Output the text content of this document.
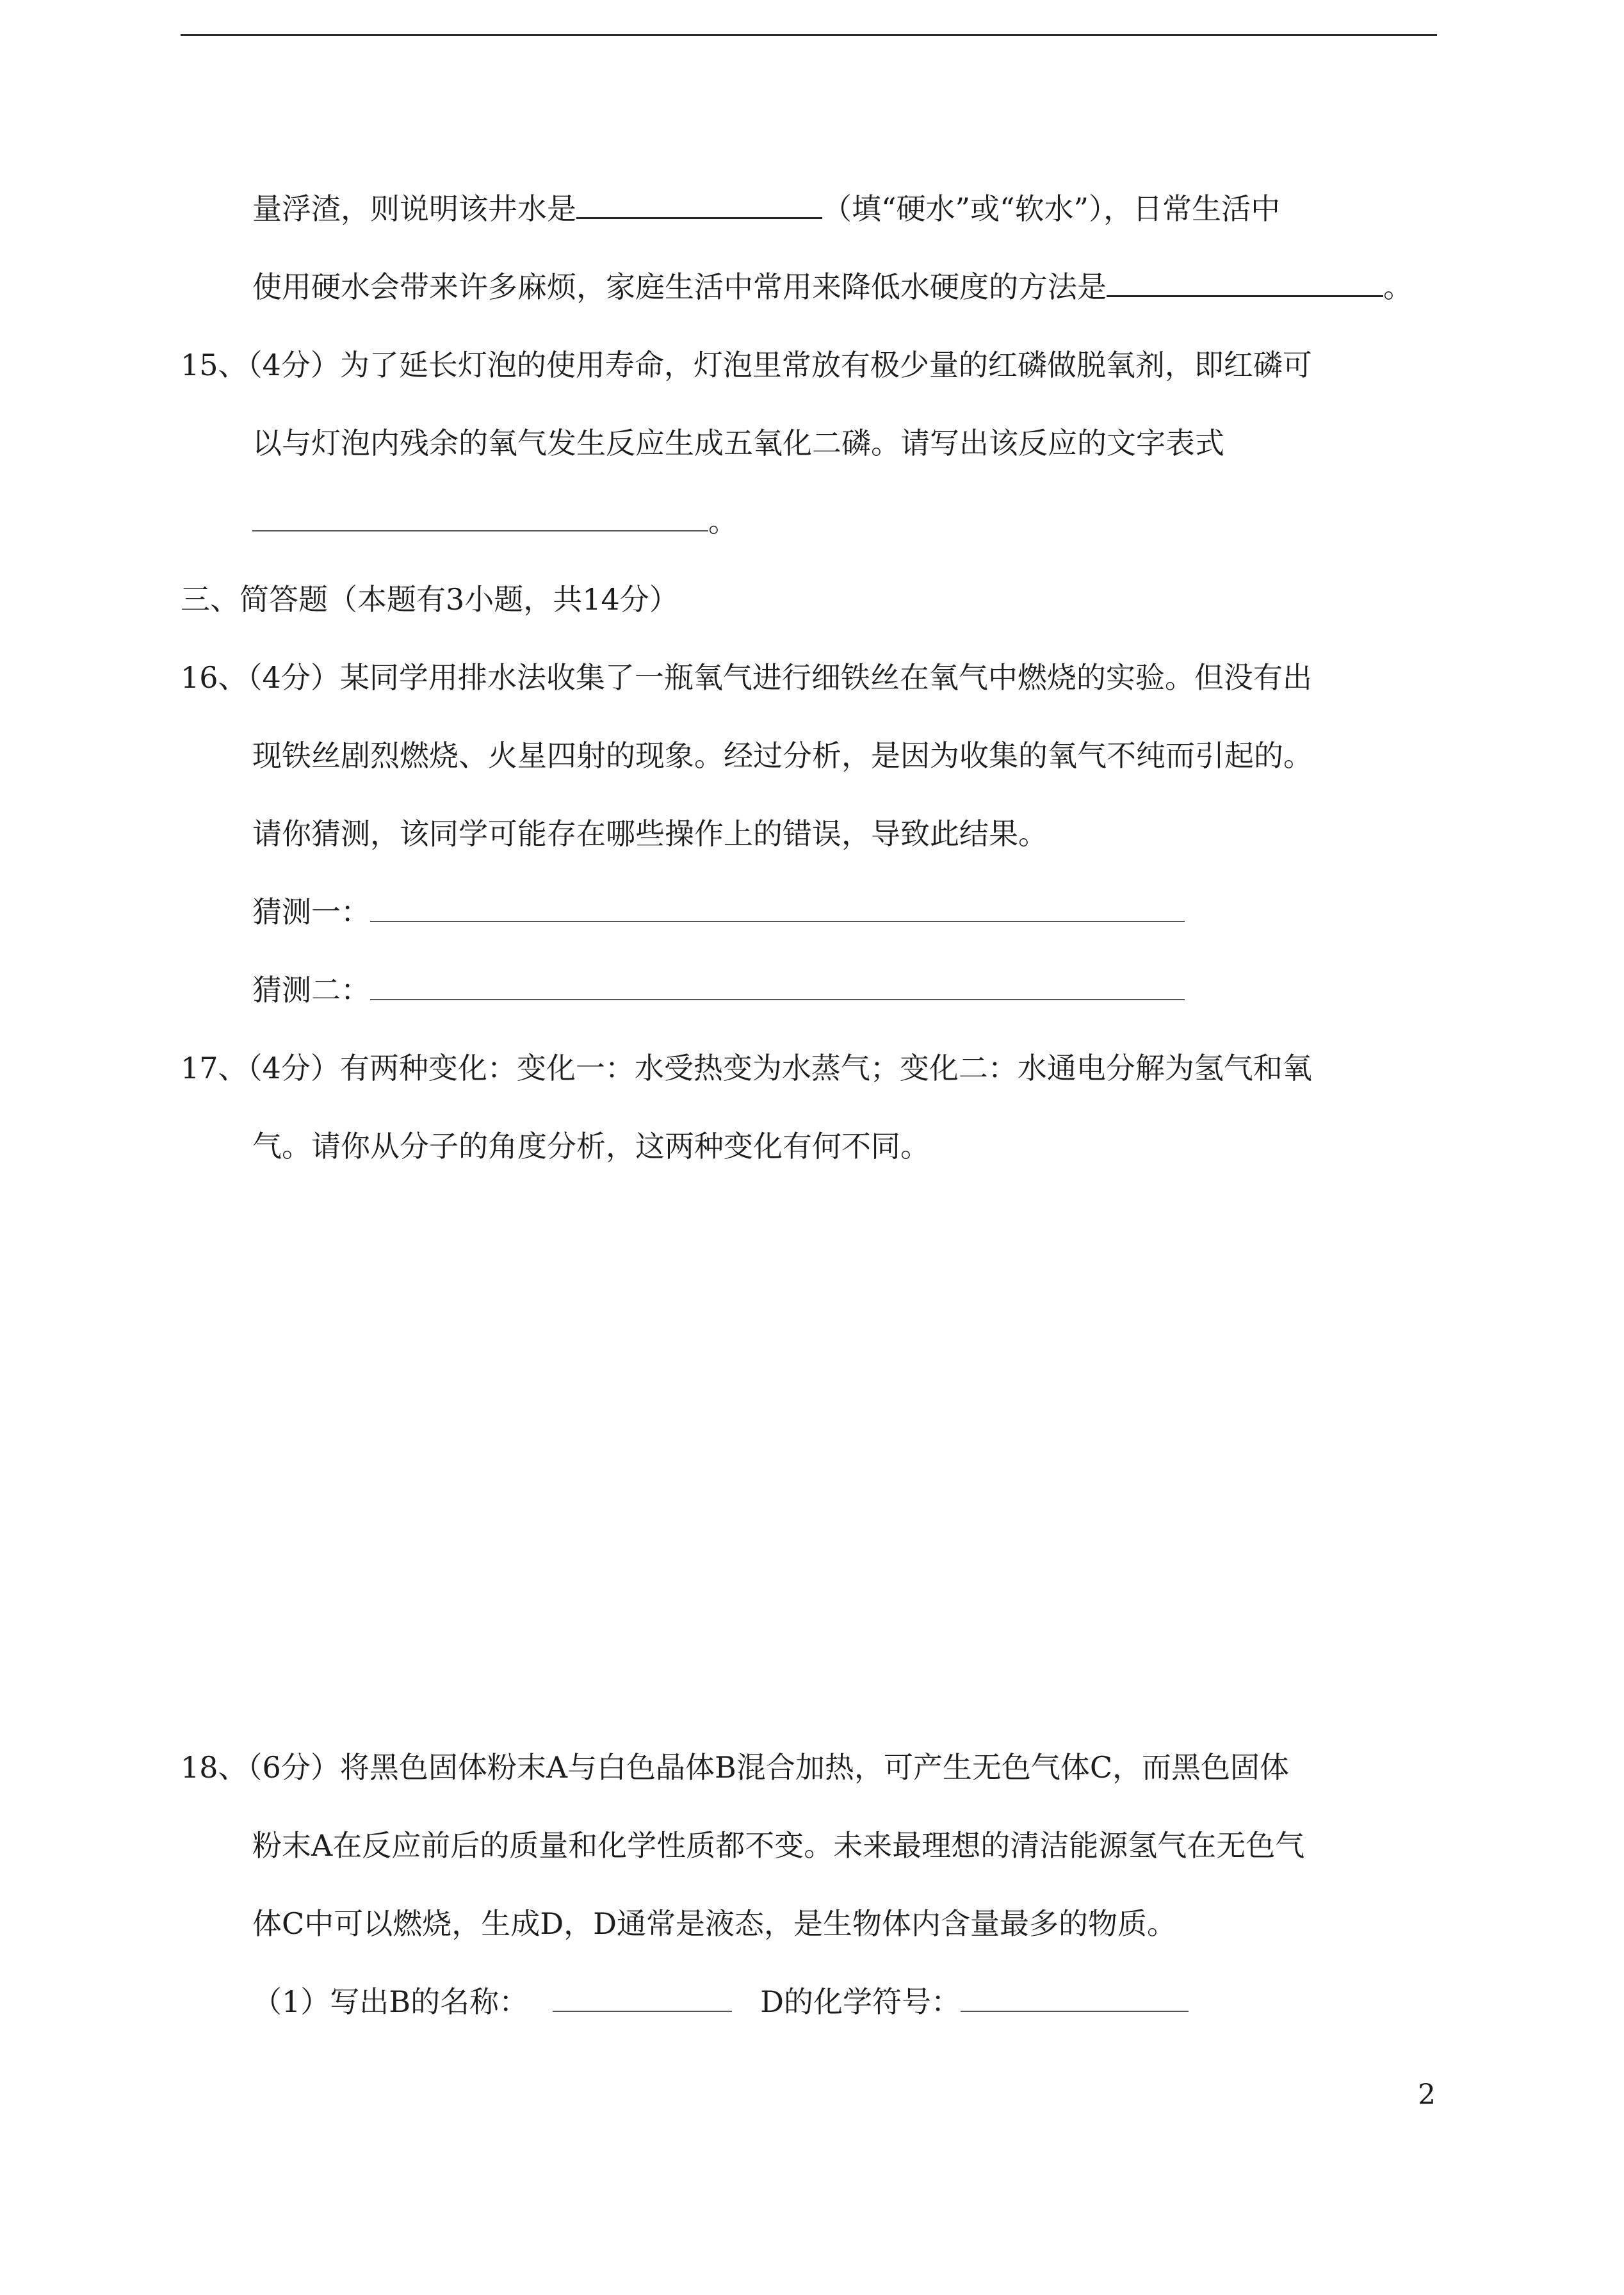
量浮渣，则说明该井水是	（填“硬水”或“软水”），日常生活中
使用硬水会带来许多麻烦，家庭生活中常用来降低水硬度的方法是	。
15、（4分）为了延长灯泡的使用寿命，灯泡里常放有极少量的红磷做脱氧剂，即红磷可
以与灯泡内残余的氧气发生反应生成五氧化二磷。请写出该反应的文字表式
。
三、简答题（本题有3小题，共14分）
16、（4分）某同学用排水法收集了一瓶氧气进行细铁丝在氧气中燃烧的实验。但没有出
现铁丝剧烈燃烧、火星四射的现象。经过分析，是因为收集的氧气不纯而引起的。
请你猜测，该同学可能存在哪些操作上的错误，导致此结果。
猜测一：
猜测二：
17、（4分）有两种变化：变化一：水受热变为水蒸气；变化二：水通电分解为氢气和氧
气。请你从分子的角度分析，这两种变化有何不同。
18、（6分）将黑色固体粉末A与白色晶体B混合加热，可产生无色气体C，而黑色固体
粉末A在反应前后的质量和化学性质都不变。未来最理想的清洁能源氢气在无色气
体C中可以燃烧，生成D，D通常是液态，是生物体内含量最多的物质。
（1）写出B的名称：	D的化学符号：
2
